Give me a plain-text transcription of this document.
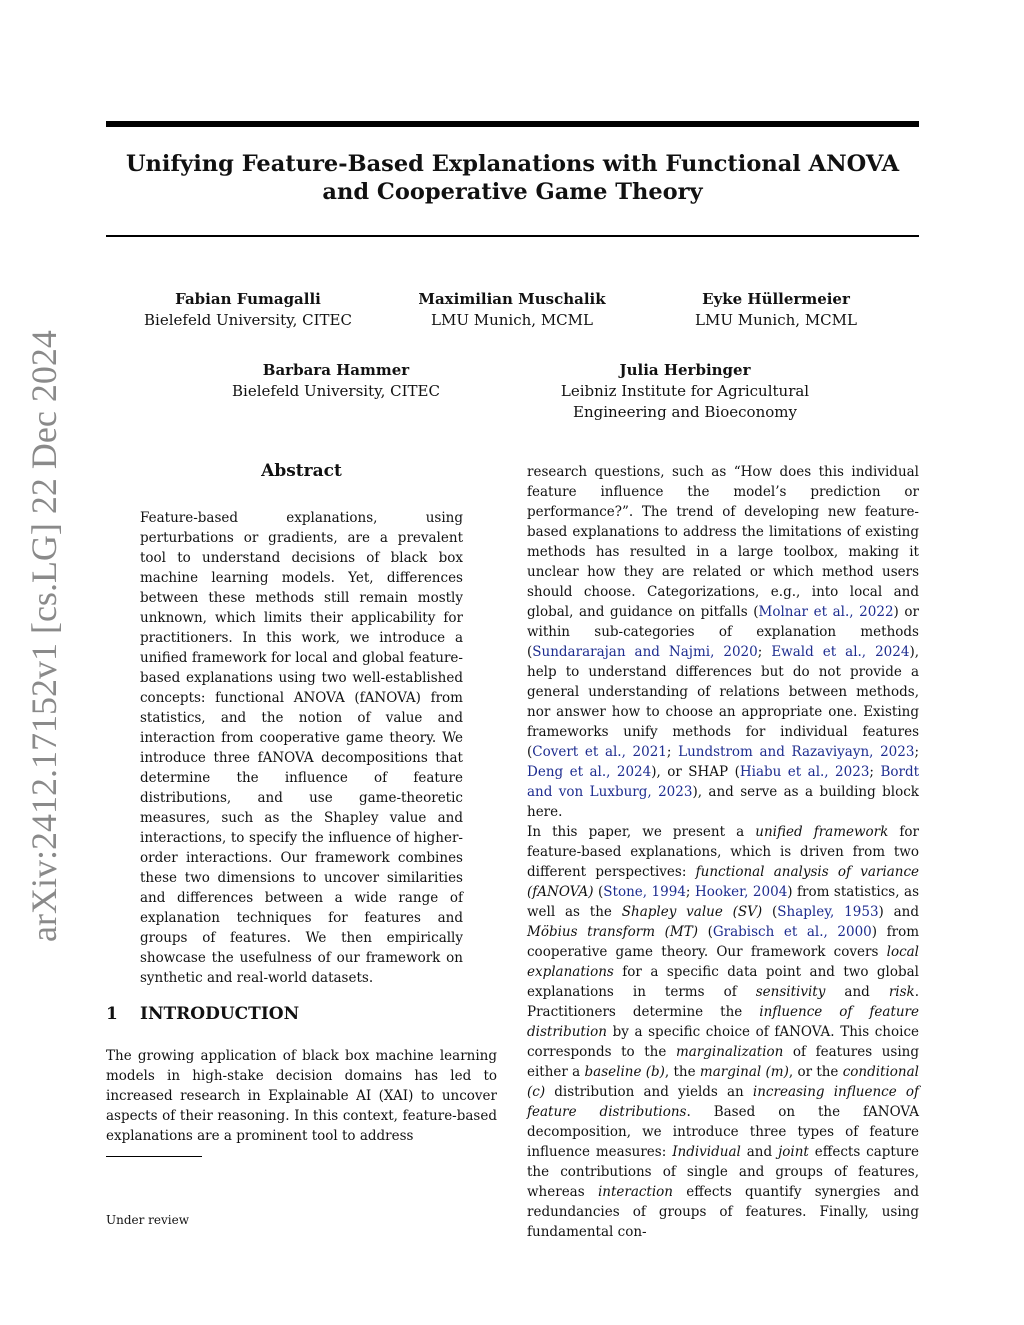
Unifying Feature-Based Explanations with Functional ANOVA and Cooperative Game Theory
arXiv:2412.17152v1 [cs.LG] 22 Dec 2024
Fabian Fumagalli
Bielefeld University, CITEC
Maximilian Muschalik
LMU Munich, MCML
Eyke Hüllermeier
LMU Munich, MCML
Barbara Hammer
Bielefeld University, CITEC
Julia Herbinger
Leibniz Institute for Agricultural
Engineering and Bioeconomy
Abstract
Feature-based explanations, using perturbations or gradients, are a prevalent tool to understand decisions of black box machine learning models. Yet, differences between these methods still remain mostly unknown, which limits their applicability for practitioners. In this work, we introduce a unified framework for local and global feature-based explanations using two well-established concepts: functional ANOVA (fANOVA) from statistics, and the notion of value and interaction from cooperative game theory. We introduce three fANOVA decompositions that determine the influence of feature distributions, and use game-theoretic measures, such as the Shapley value and interactions, to specify the influence of higher-order interactions. Our framework combines these two dimensions to uncover similarities and differences between a wide range of explanation techniques for features and groups of features. We then empirically showcase the usefulness of our framework on synthetic and real-world datasets.
1 INTRODUCTION
The growing application of black box machine learning models in high-stake decision domains has led to increased research in Explainable AI (XAI) to uncover aspects of their reasoning. In this context, feature-based explanations are a prominent tool to address
Under review

research questions, such as “How does this individual feature influence the model’s prediction or performance?”. The trend of developing new feature-based explanations to address the limitations of existing methods has resulted in a large toolbox, making it unclear how they are related or which method users should choose. Categorizations, e.g., into local and global, and guidance on pitfalls (Molnar et al., 2022) or within sub-categories of explanation methods (Sundararajan and Najmi, 2020; Ewald et al., 2024), help to understand differences but do not provide a general understanding of relations between methods, nor answer how to choose an appropriate one. Existing frameworks unify methods for individual features (Covert et al., 2021; Lundstrom and Razaviyayn, 2023; Deng et al., 2024), or SHAP (Hiabu et al., 2023; Bordt and von Luxburg, 2023), and serve as a building block here.

In this paper, we present a unified framework for feature-based explanations, which is driven from two different perspectives: functional analysis of variance (fANOVA) (Stone, 1994; Hooker, 2004) from statistics, as well as the Shapley value (SV) (Shapley, 1953) and Möbius transform (MT) (Grabisch et al., 2000) from cooperative game theory. Our framework covers local explanations for a specific data point and two global explanations in terms of sensitivity and risk. Practitioners determine the influence of feature distribution by a specific choice of fANOVA. This choice corresponds to the marginalization of features using either a baseline (b), the marginal (m), or the conditional (c) distribution and yields an increasing influence of feature distributions. Based on the fANOVA decomposition, we introduce three types of feature influence measures: Individual and joint effects capture the contributions of single and groups of features, whereas interaction effects quantify synergies and redundancies of groups of features. Finally, using fundamental con-
